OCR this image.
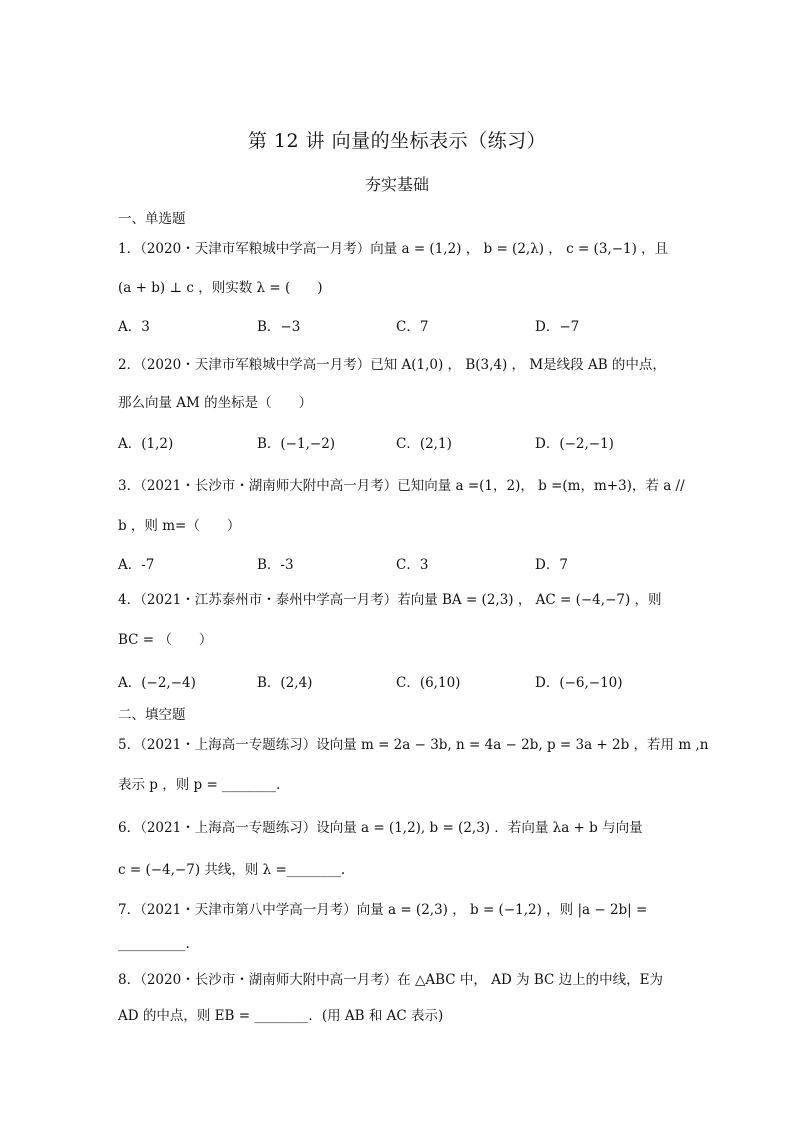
第 12 讲 向量的坐标表示（练习）
夯实基础
一、单选题
1．（2020・天津市军粮城中学高一月考）向量 a = (1,2) ， b = (2,λ) ， c = (3,−1) ，且
(a + b) ⊥ c ，则实数 λ = (　　)
A．3	B．−3	C．7	D．−7
2．（2020・天津市军粮城中学高一月考）已知 A(1,0) ， B(3,4) ， M是线段 AB 的中点，
那么向量 AM 的坐标是（　　）
A．(1,2)	B．(−1,−2)	C．(2,1)	D．(−2,−1)
3．（2021・长沙市・湖南师大附中高一月考）已知向量 a =(1，2)， b =(m，m+3)，若 a //
b ，则 m=（　　）
A．-7	B．-3	C．3	D．7
4．（2021・江苏泰州市・泰州中学高一月考）若向量 BA = (2,3) ， AC = (−4,−7) ，则
BC = （　　）
A．(−2,−4)	B．(2,4)	C．(6,10)	D．(−6,−10)
二、填空题
5．（2021・上海高一专题练习）设向量 m = 2a − 3b, n = 4a − 2b, p = 3a + 2b ，若用 m ,n
表示 p ，则 p = ________.
6．（2021・上海高一专题练习）设向量 a = (1,2), b = (2,3) ．若向量 λa + b 与向量
c = (−4,−7) 共线，则 λ =________.
7．（2021・天津市第八中学高一月考）向量 a = (2,3) ， b = (−1,2) ，则 |a − 2b| =
__________.
8．（2020・长沙市・湖南师大附中高一月考）在 △ABC 中， AD 为 BC 边上的中线，E为
AD 的中点，则 EB = ________．(用 AB 和 AC 表示)
